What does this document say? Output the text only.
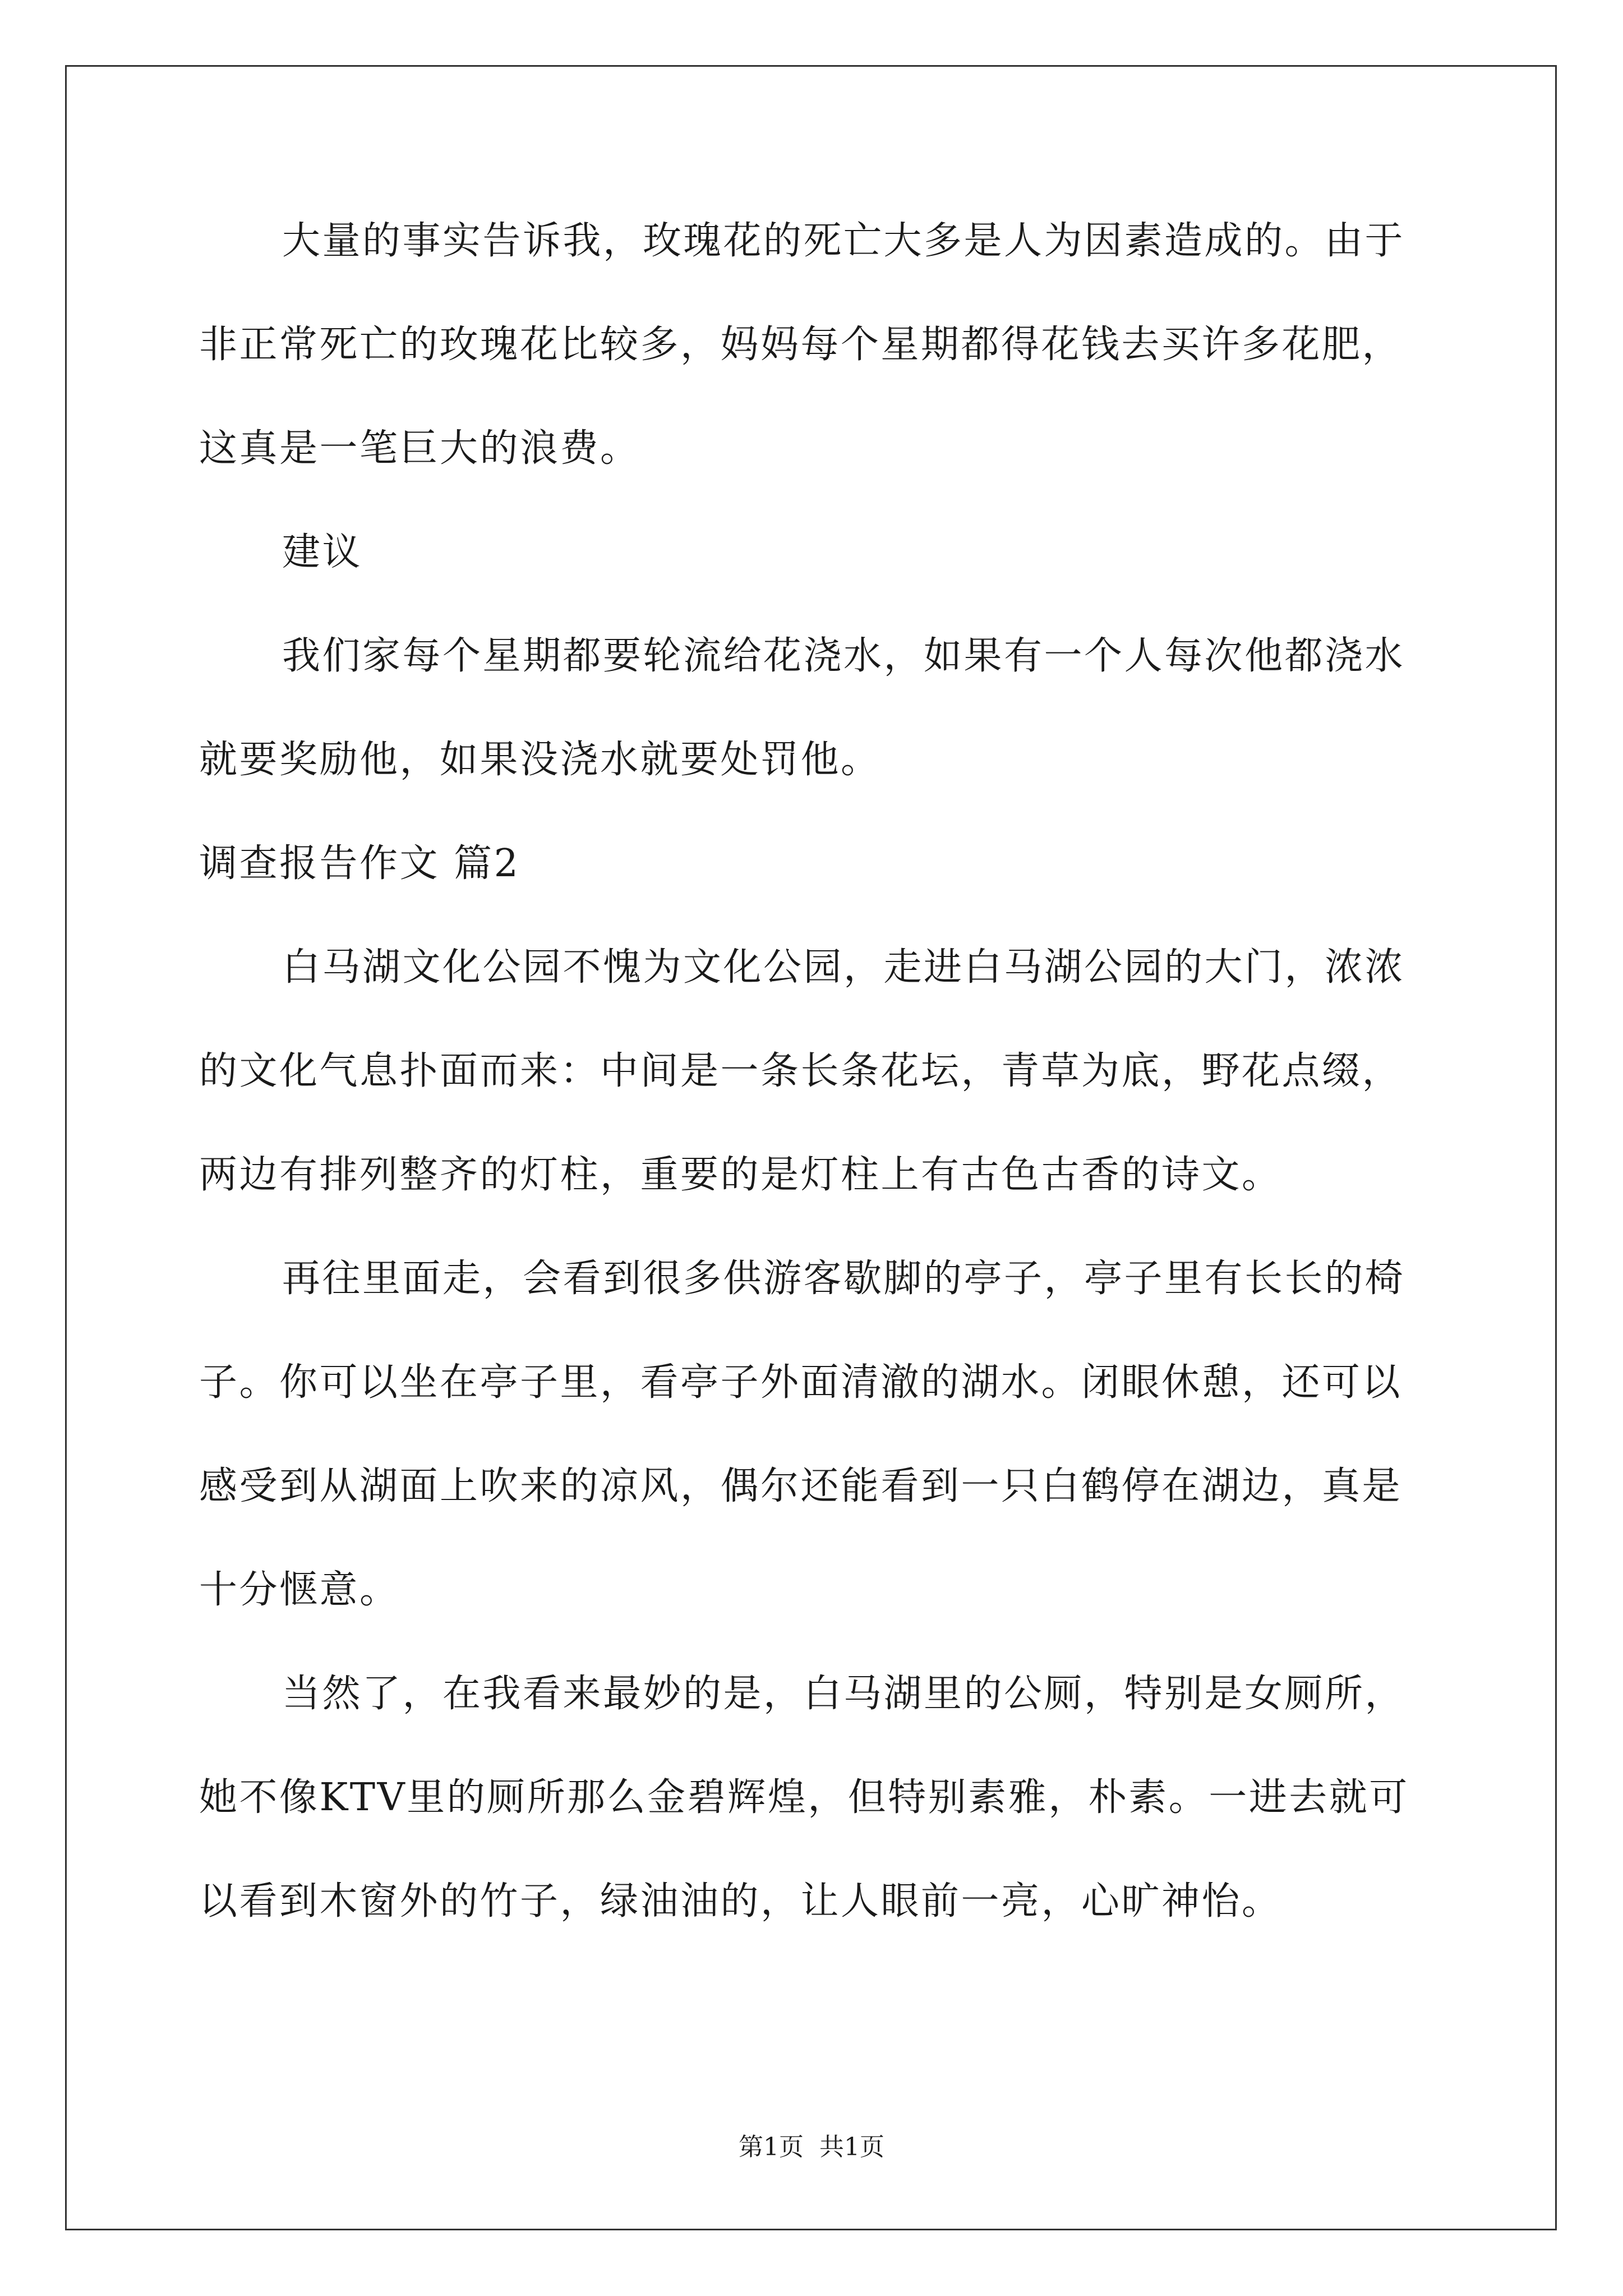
大量的事实告诉我，玫瑰花的死亡大多是人为因素造成的。由于
非正常死亡的玫瑰花比较多，妈妈每个星期都得花钱去买许多花肥，
这真是一笔巨大的浪费。
建议
我们家每个星期都要轮流给花浇水，如果有一个人每次他都浇水
就要奖励他，如果没浇水就要处罚他。
调查报告作文 篇2
白马湖文化公园不愧为文化公园，走进白马湖公园的大门，浓浓
的文化气息扑面而来：中间是一条长条花坛，青草为底，野花点缀，
两边有排列整齐的灯柱，重要的是灯柱上有古色古香的诗文。
再往里面走，会看到很多供游客歇脚的亭子，亭子里有长长的椅
子。你可以坐在亭子里，看亭子外面清澈的湖水。闭眼休憩，还可以
感受到从湖面上吹来的凉风，偶尔还能看到一只白鹤停在湖边，真是
十分惬意。
当然了，在我看来最妙的是，白马湖里的公厕，特别是女厕所，
她不像KTV里的厕所那么金碧辉煌，但特别素雅，朴素。一进去就可
以看到木窗外的竹子，绿油油的，让人眼前一亮，心旷神怡。
第1页 共1页
